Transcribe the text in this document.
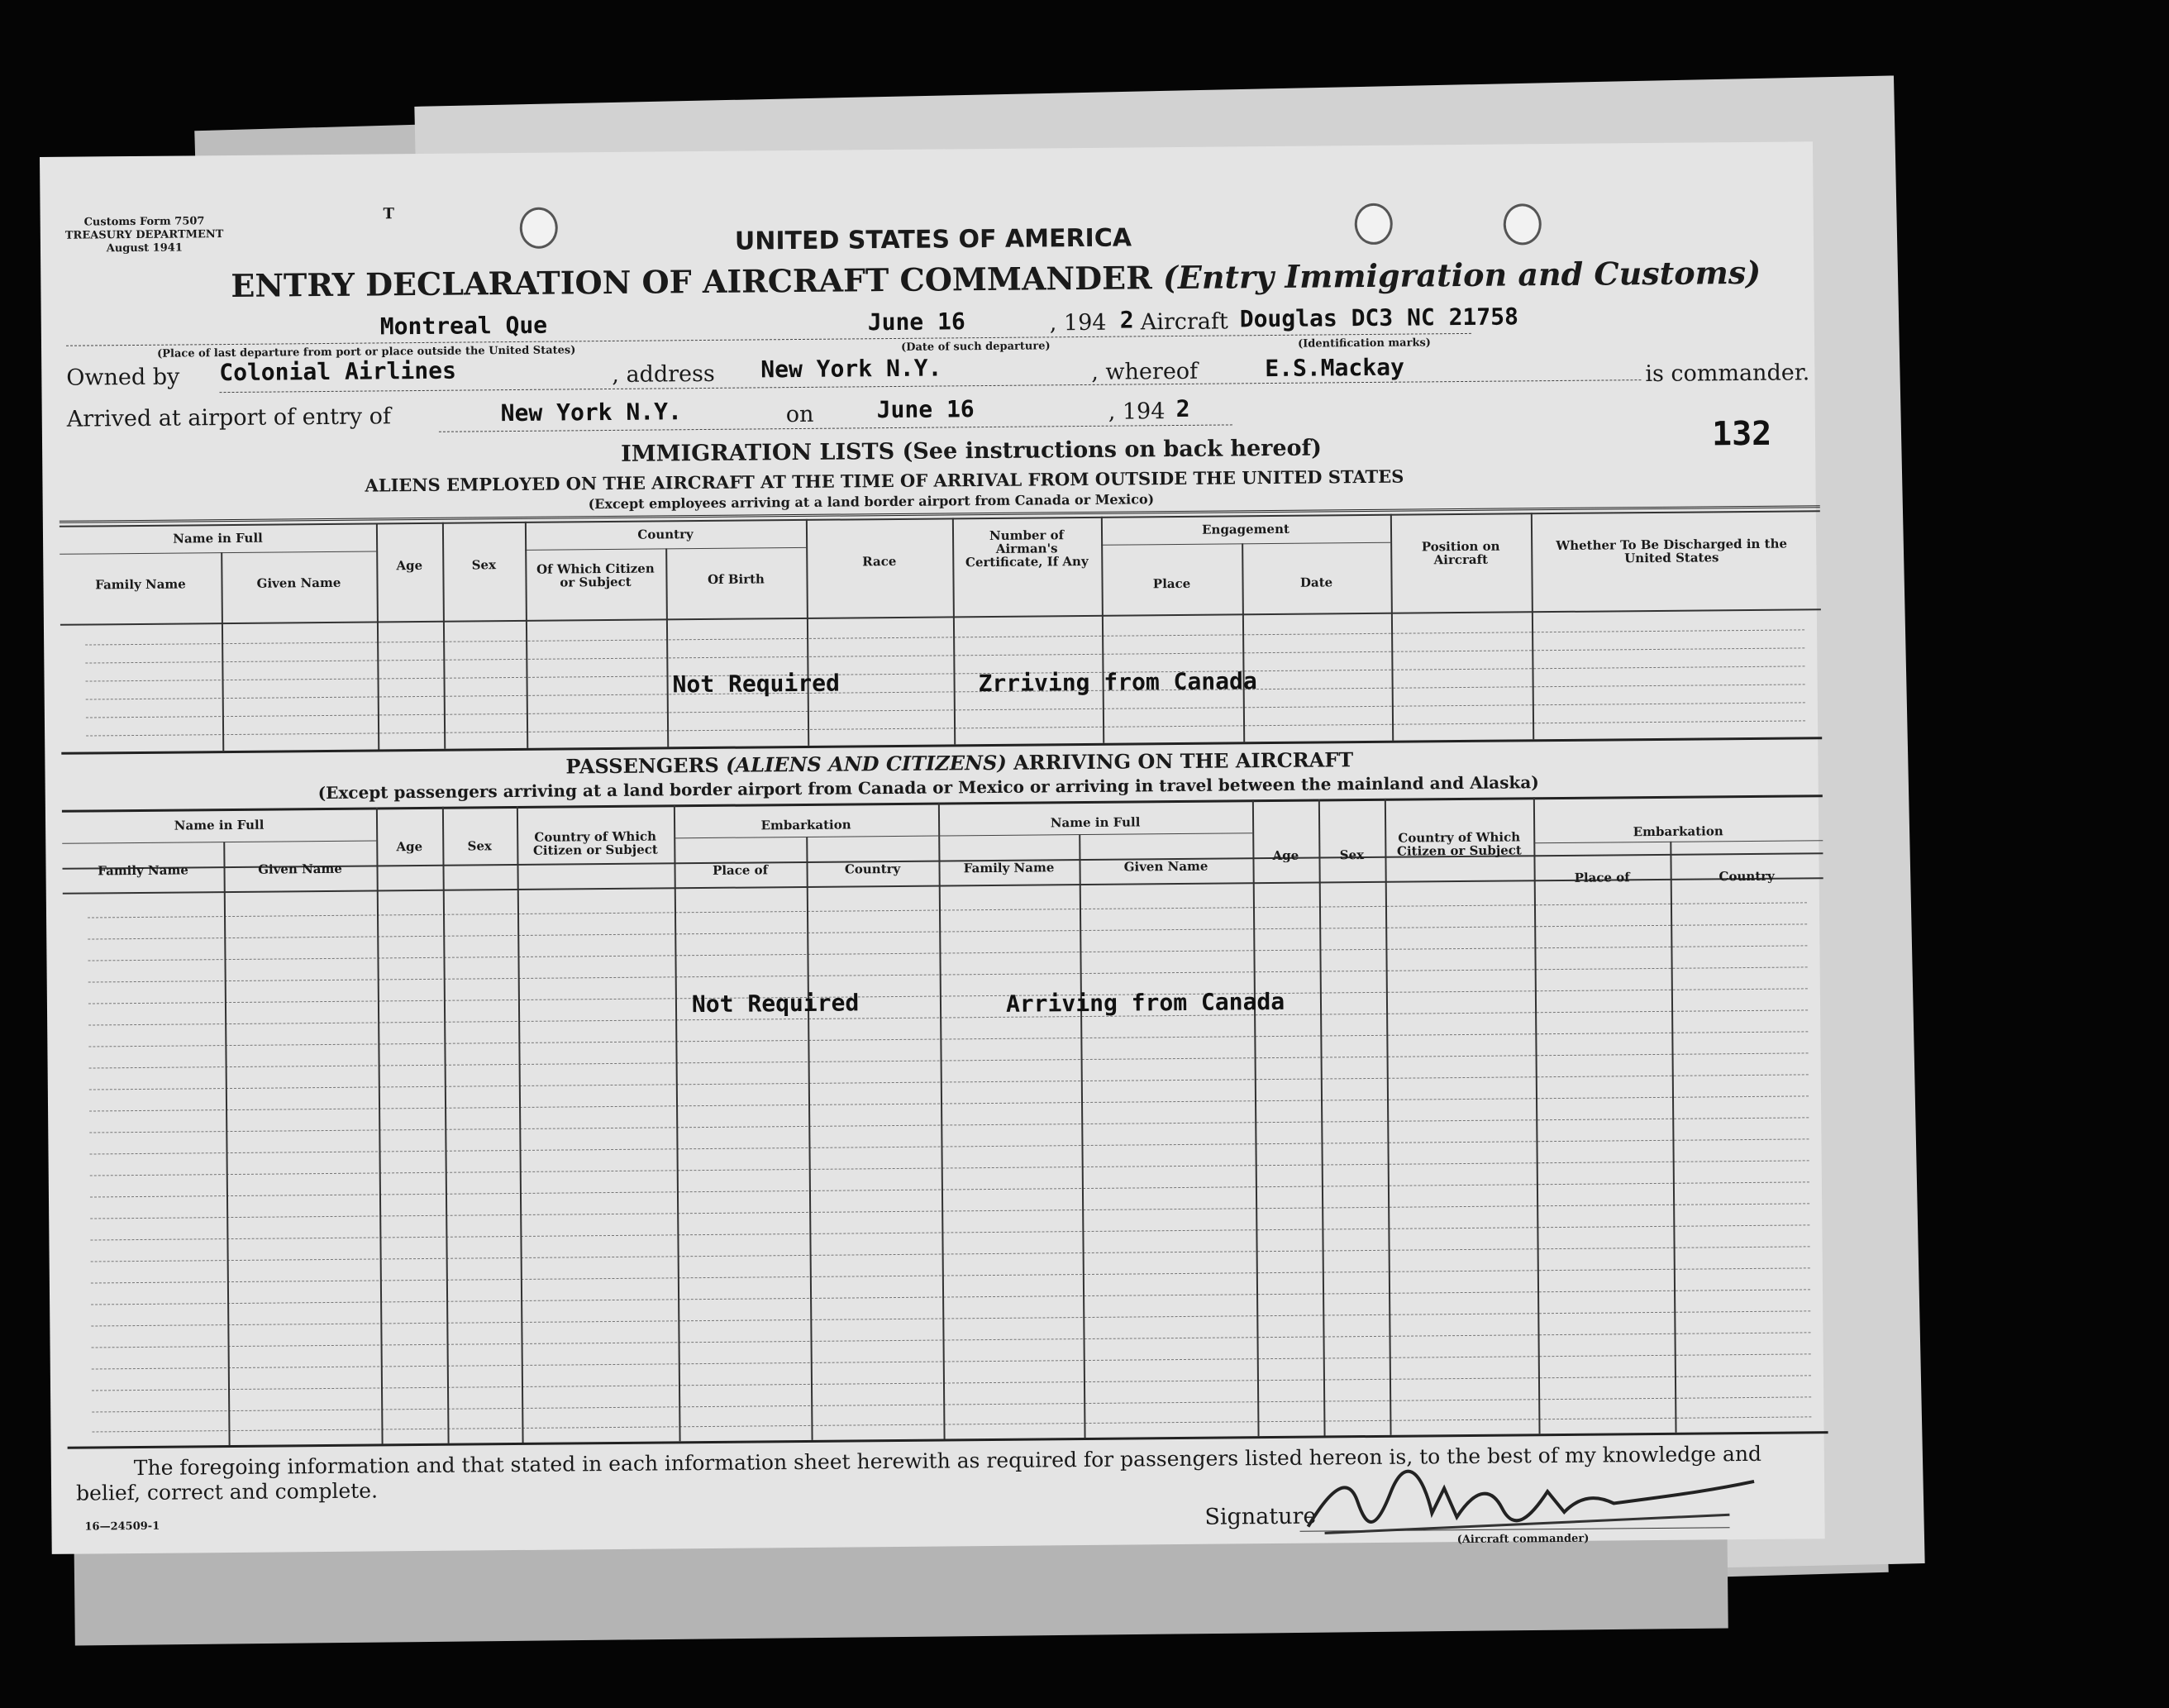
Customs Form 7507
TREASURY DEPARTMENT
August 1941
T
UNITED STATES OF AMERICA
ENTRY DECLARATION OF AIRCRAFT COMMANDER (Entry Immigration and Customs)
Montreal Que
(Place of last departure from port or place outside the United States)
June 16
(Date of such departure)
, 194 2 Aircraft Douglas DC3 NC 21758
(Identification marks)
Owned by Colonial Airlines	, address New York N.Y.	, whereof	E.S.Mackay	is commander.
Arrived at airport of entry of	New York N.Y.	on	June 16	, 194 2
132
IMMIGRATION LISTS (See instructions on back hereof)
ALIENS EMPLOYED ON THE AIRCRAFT AT THE TIME OF ARRIVAL FROM OUTSIDE THE UNITED STATES
(Except employees arriving at a land border airport from Canada or Mexico)
Name in Full
Family Name	Given Name
Age	Sex
Country
Of Which Citizen or Subject	Of Birth
Race
Number of Airman's Certificate, If Any
Engagement
Place	Date
Position on Aircraft
Whether To Be Discharged in the United States
Not Required	Zrriving from Canada
PASSENGERS (ALIENS AND CITIZENS) ARRIVING ON THE AIRCRAFT
(Except passengers arriving at a land border airport from Canada or Mexico or arriving in travel between the mainland and Alaska)
Name in Full
Family Name	Given Name
Age	Sex
Country of Which Citizen or Subject
Embarkation
Place of	Country
Name in Full
Family Name	Given Name
Age	Sex
Country of Which Citizen or Subject
Embarkation
Place of	Country
Not Required	Arriving from Canada
The foregoing information and that stated in each information sheet herewith as required for passengers listed hereon is, to the best of my knowledge and
belief, correct and complete.
16—24509-1	Signature
(Aircraft commander)
